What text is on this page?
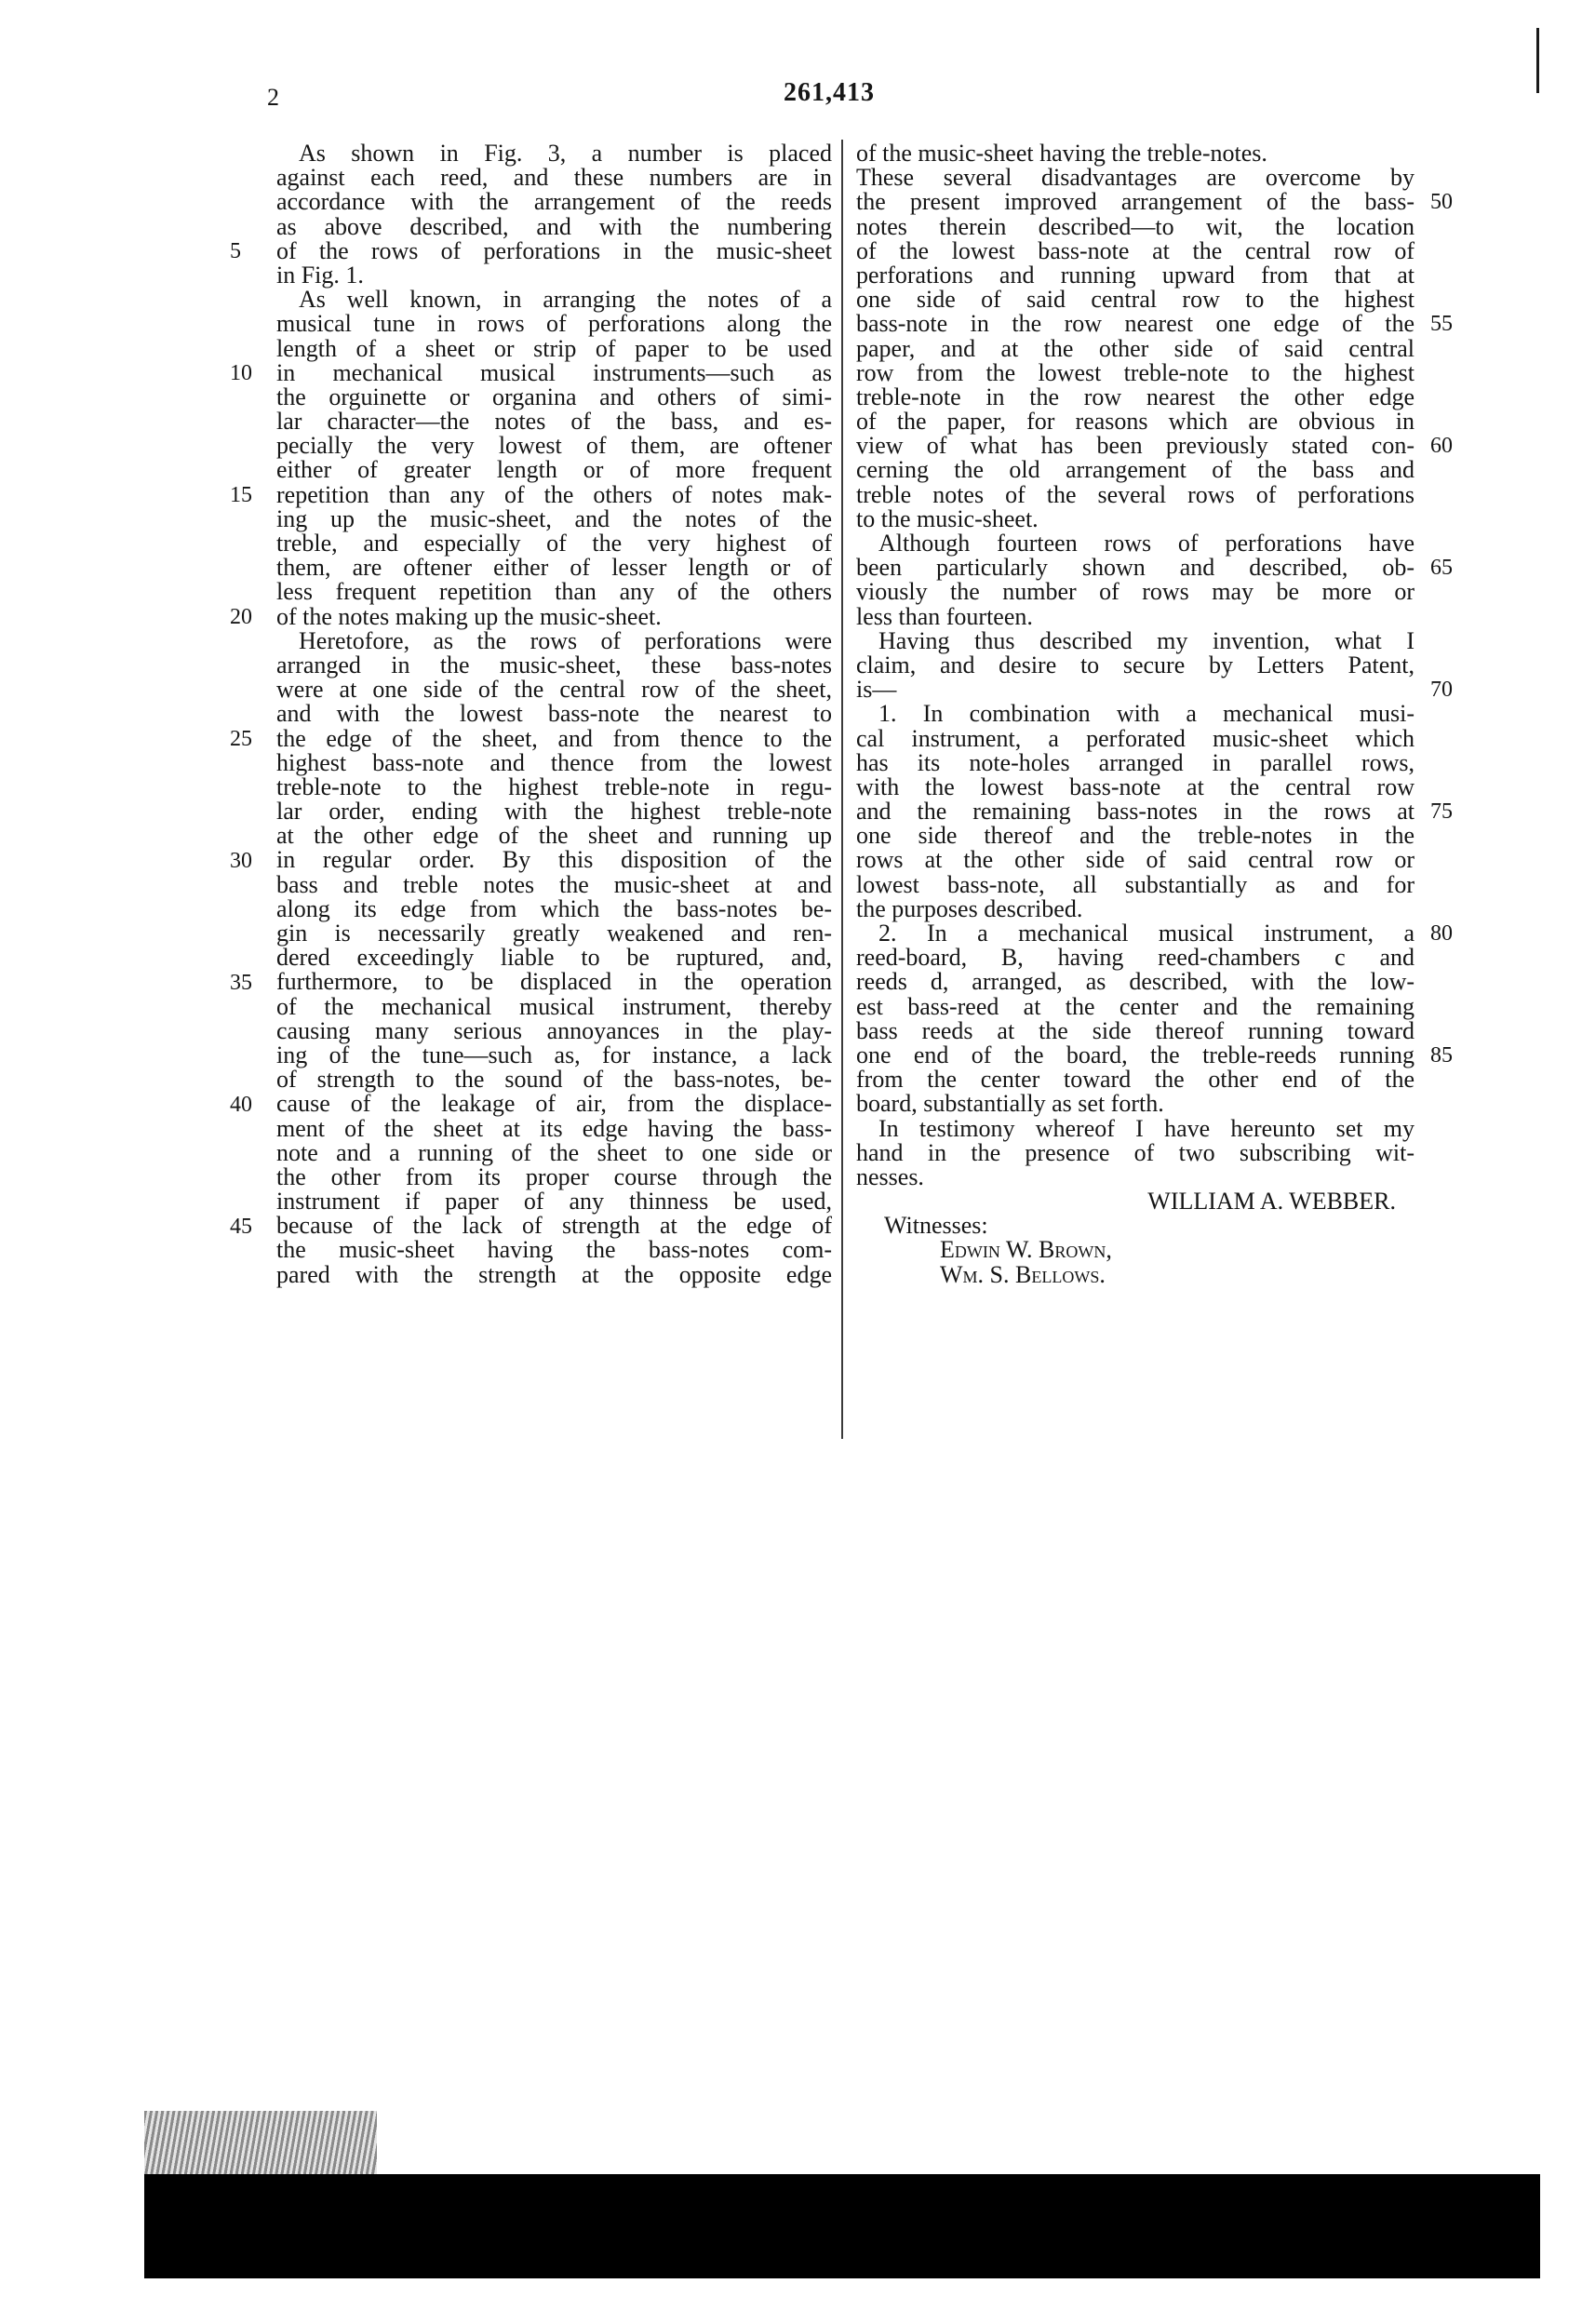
2	261,413
As shown in Fig. 3, a number is placed
against each reed, and these numbers are in
accordance with the arrangement of the reeds
as above described, and with the numbering
of the rows of perforations in the music-sheet
in Fig. 1.
As well known, in arranging the notes of a
musical tune in rows of perforations along the
length of a sheet or strip of paper to be used
in mechanical musical instruments—such as
the orguinette or organina and others of simi-
lar character—the notes of the bass, and es-
pecially the very lowest of them, are oftener
either of greater length or of more frequent
repetition than any of the others of notes mak-
ing up the music-sheet, and the notes of the
treble, and especially of the very highest of
them, are oftener either of lesser length or of
less frequent repetition than any of the others
of the notes making up the music-sheet.
Heretofore, as the rows of perforations were
arranged in the music-sheet, these bass-notes
were at one side of the central row of the sheet,
and with the lowest bass-note the nearest to
the edge of the sheet, and from thence to the
highest bass-note and thence from the lowest
treble-note to the highest treble-note in regu-
lar order, ending with the highest treble-note
at the other edge of the sheet and running up
in regular order. By this disposition of the
bass and treble notes the music-sheet at and
along its edge from which the bass-notes be-
gin is necessarily greatly weakened and ren-
dered exceedingly liable to be ruptured, and,
furthermore, to be displaced in the operation
of the mechanical musical instrument, thereby
causing many serious annoyances in the play-
ing of the tune—such as, for instance, a lack
of strength to the sound of the bass-notes, be-
cause of the leakage of air, from the displace-
ment of the sheet at its edge having the bass-
note and a running of the sheet to one side or
the other from its proper course through the
instrument if paper of any thinness be used,
because of the lack of strength at the edge of
the music-sheet having the bass-notes com-
pared with the strength at the opposite edge
of the music-sheet having the treble-notes.
These several disadvantages are overcome by
the present improved arrangement of the bass-
notes therein described—to wit, the location
of the lowest bass-note at the central row of
perforations and running upward from that at
one side of said central row to the highest
bass-note in the row nearest one edge of the
paper, and at the other side of said central
row from the lowest treble-note to the highest
treble-note in the row nearest the other edge
of the paper, for reasons which are obvious in
view of what has been previously stated con-
cerning the old arrangement of the bass and
treble notes of the several rows of perforations
to the music-sheet.
Although fourteen rows of perforations have
been particularly shown and described, ob-
viously the number of rows may be more or
less than fourteen.
Having thus described my invention, what I
claim, and desire to secure by Letters Patent,
is—
1. In combination with a mechanical musi-
cal instrument, a perforated music-sheet which
has its note-holes arranged in parallel rows,
with the lowest bass-note at the central row
and the remaining bass-notes in the rows at
one side thereof and the treble-notes in the
rows at the other side of said central row or
lowest bass-note, all substantially as and for
the purposes described.
2. In a mechanical musical instrument, a
reed-board, B, having reed-chambers c and
reeds d, arranged, as described, with the low-
est bass-reed at the center and the remaining
bass reeds at the side thereof running toward
one end of the board, the treble-reeds running
from the center toward the other end of the
board, substantially as set forth.
In testimony whereof I have hereunto set my
hand in the presence of two subscribing wit-
nesses.
WILLIAM A. WEBBER.
Witnesses:
Edwin W. Brown,
Wm. S. Bellows.
5
10
15
20
25
30
35
40
45
50
55
60
65
70
75
80
85
